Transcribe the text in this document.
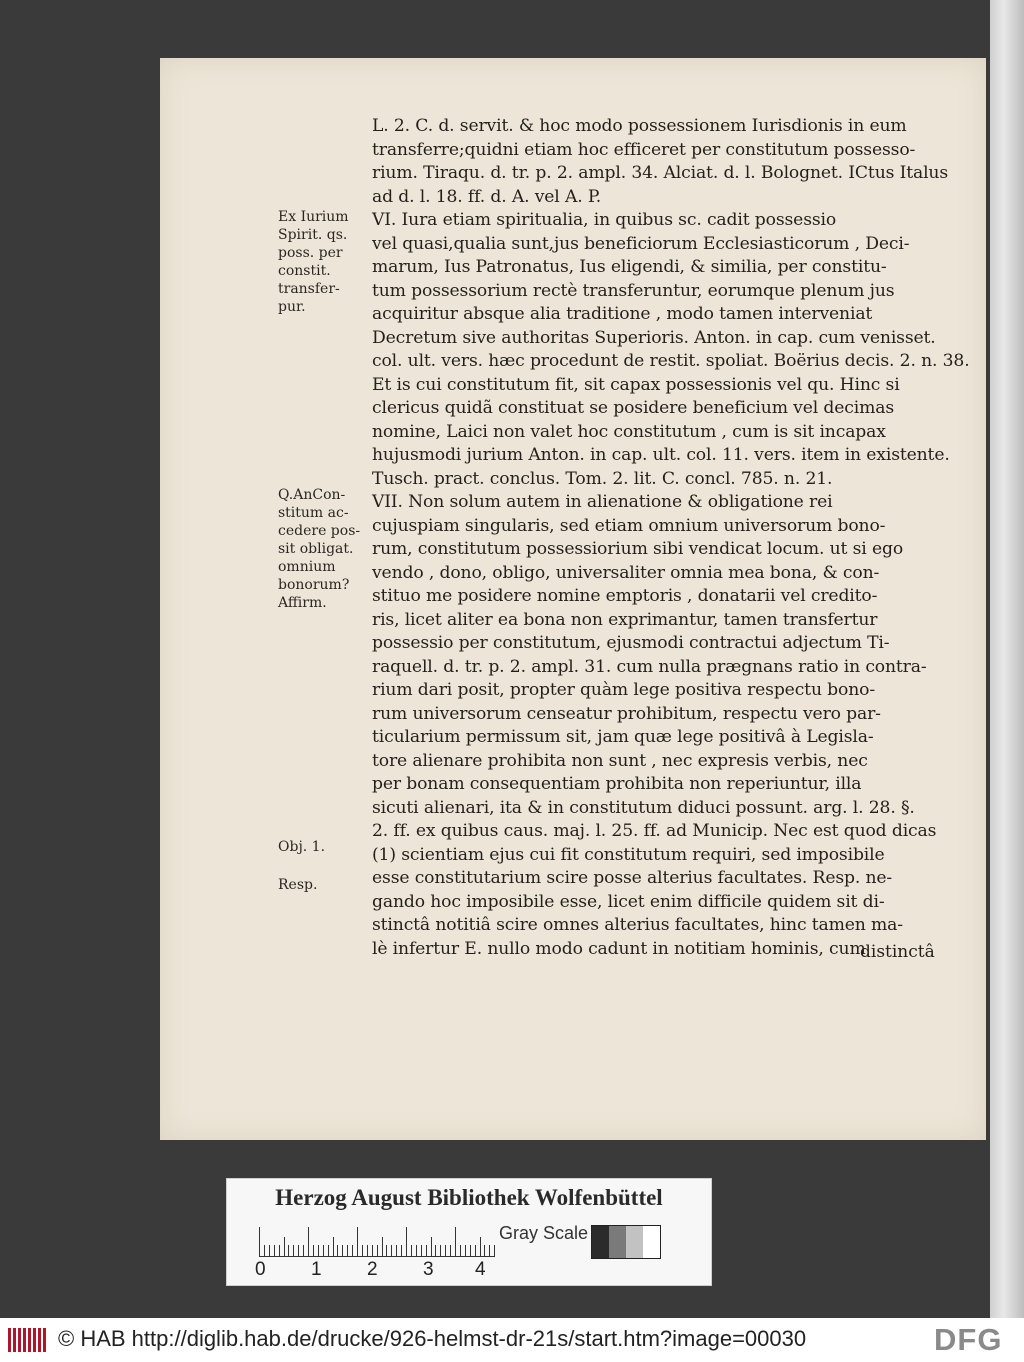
Ex Iurium
Spirit. qs.
poss. per
constit.
transfer-
pur.
Q.AnCon-
stitum ac-
cedere pos-
sit obligat.
omnium
bonorum?
Affirm.
Obj. 1.
Resp.
L. 2. C. d. servit. & hoc modo possessionem Iurisdionis in eum
transferre;quidni etiam hoc efficeret per constitutum possesso-
rium. Tiraqu. d. tr. p. 2. ampl. 34. Alciat. d. l. Bolognet. ICtus Italus
ad d. l. 18. ff. d. A. vel A. P.
VI. Iura etiam spiritualia, in quibus sc. cadit possessio
vel quasi,qualia sunt,jus beneficiorum Ecclesiasticorum , Deci-
marum, Ius Patronatus, Ius eligendi, & similia, per constitu-
tum possessorium rectè transferuntur, eorumque plenum jus
acquiritur absque alia traditione , modo tamen interveniat
Decretum sive authoritas Superioris. Anton. in cap. cum venisset.
col. ult. vers. hæc procedunt de restit. spoliat. Boërius decis. 2. n. 38.
Et is cui constitutum fit, sit capax possessionis vel qu. Hinc si
clericus quidã constituat se posidere beneficium vel decimas
nomine, Laici non valet hoc constitutum , cum is sit incapax
hujusmodi jurium Anton. in cap. ult. col. 11. vers. item in existente.
Tusch. pract. conclus. Tom. 2. lit. C. concl. 785. n. 21.
VII. Non solum autem in alienatione & obligatione rei
cujuspiam singularis, sed etiam omnium universorum bono-
rum, constitutum possessiorium sibi vendicat locum. ut si ego
vendo , dono, obligo, universaliter omnia mea bona, & con-
stituo me posidere nomine emptoris , donatarii vel credito-
ris, licet aliter ea bona non exprimantur, tamen transfertur
possessio per constitutum, ejusmodi contractui adjectum Ti-
raquell. d. tr. p. 2. ampl. 31. cum nulla prægnans ratio in contra-
rium dari posit, propter quàm lege positiva respectu bono-
rum universorum censeatur prohibitum, respectu vero par-
ticularium permissum sit, jam quæ lege positivâ à Legisla-
tore alienare prohibita non sunt , nec expresis verbis, nec
per bonam consequentiam prohibita non reperiuntur, illa
sicuti alienari, ita & in constitutum diduci possunt. arg. l. 28. §.
2. ff. ex quibus caus. maj. l. 25. ff. ad Municip. Nec est quod dicas
(1) scientiam ejus cui fit constitutum requiri, sed imposibile
esse constitutarium scire posse alterius facultates. Resp. ne-
gando hoc imposibile esse, licet enim difficile quidem sit di-
stinctâ notitiâ scire omnes alterius facultates, hinc tamen ma-
lè infertur E. nullo modo cadunt in notitiam hominis, cum
distinctâ
Herzog August Bibliothek Wolfenbüttel
0 1 2 3 4
Gray Scale
© HAB http://diglib.hab.de/drucke/926-helmst-dr-21s/start.htm?image=00030	DFG
